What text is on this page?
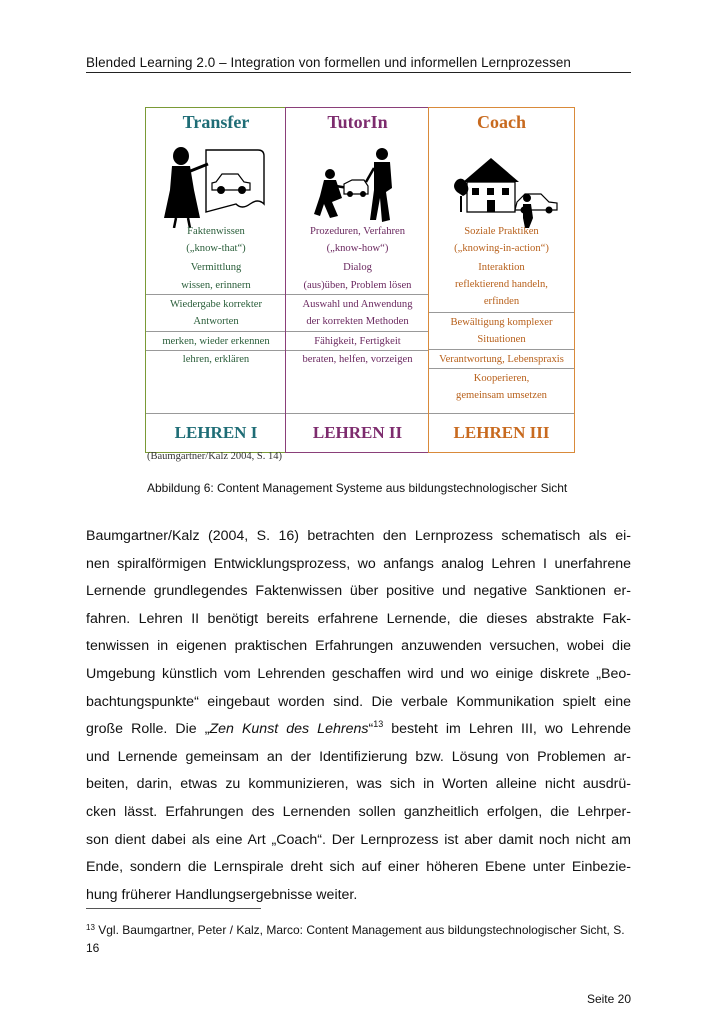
Blended Learning 2.0 – Integration von formellen und informellen Lernprozessen
Transfer
Faktenwissen
(„know-that“)
Vermittlung
wissen, erinnern
Wiedergabe korrekter
Antworten
merken, wieder erkennen
lehren, erklären
LEHREN I
TutorIn
Prozeduren, Verfahren
(„know-how“)
Dialog
(aus)üben, Problem lösen
Auswahl und Anwendung
der korrekten Methoden
Fähigkeit, Fertigkeit
beraten, helfen, vorzeigen
LEHREN II
Coach
Soziale Praktiken
(„knowing-in-action“)
Interaktion
reflektierend handeln,
erfinden
Bewältigung komplexer
Situationen
Verantwortung, Lebenspraxis
Kooperieren,
gemeinsam umsetzen
LEHREN III
(Baumgartner/Kalz 2004, S. 14)
Abbildung 6: Content Management Systeme aus bildungstechnologischer Sicht
Baumgartner/Kalz (2004, S. 16) betrachten den Lernprozess schematisch als ei-
nen spiralförmigen Entwicklungsprozess, wo anfangs analog Lehren I unerfahrene
Lernende grundlegendes Faktenwissen über positive und negative Sanktionen er-
fahren. Lehren II benötigt bereits erfahrene Lernende, die dieses abstrakte Fak-
tenwissen in eigenen praktischen Erfahrungen anzuwenden versuchen, wobei die
Umgebung künstlich vom Lehrenden geschaffen wird und wo einige diskrete „Beo-
bachtungspunkte“ eingebaut worden sind. Die verbale Kommunikation spielt eine
große Rolle. Die „Zen Kunst des Lehrens“$^{13}$ besteht im Lehren III, wo Lehrende
und Lernende gemeinsam an der Identifizierung bzw. Lösung von Problemen ar-
beiten, darin, etwas zu kommunizieren, was sich in Worten alleine nicht ausdrü-
cken lässt. Erfahrungen des Lernenden sollen ganzheitlich erfolgen, die Lehrper-
son dient dabei als eine Art „Coach“. Der Lernprozess ist aber damit noch nicht am
Ende, sondern die Lernspirale dreht sich auf einer höheren Ebene unter Einbezie-
hung früherer Handlungsergebnisse weiter.
$^{13}$ Vgl. Baumgartner, Peter / Kalz, Marco: Content Management aus bildungstechnologischer Sicht, S. 16
Seite 20
